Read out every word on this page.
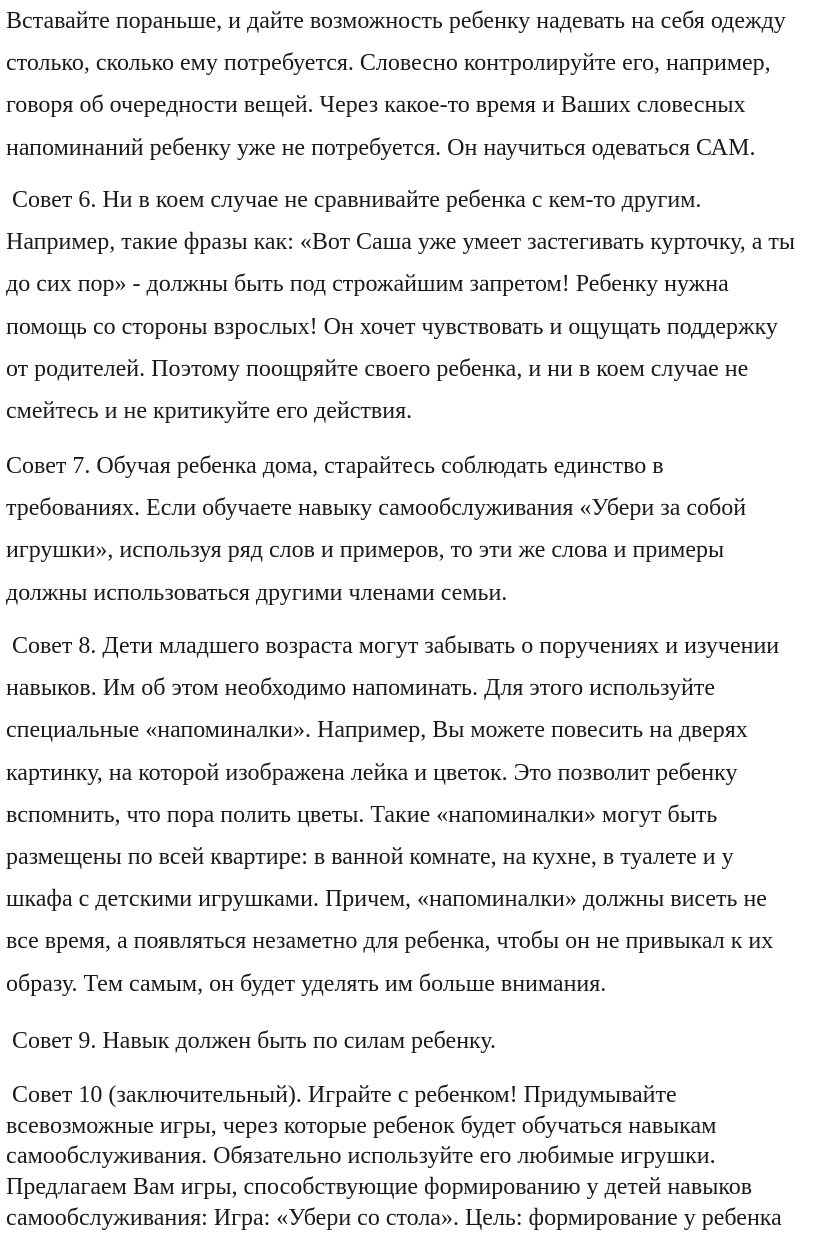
Вставайте пораньше, и дайте возможность ребенку надевать на себя одежду
столько, сколько ему потребуется. Словесно контролируйте его, например,
говоря об очередности вещей. Через какое-то время и Ваших словесных
напоминаний ребенку уже не потребуется. Он научиться одеваться САМ.
Совет 6. Ни в коем случае не сравнивайте ребенка с кем-то другим.
Например, такие фразы как: «Вот Саша уже умеет застегивать курточку, а ты
до сих пор» - должны быть под строжайшим запретом! Ребенку нужна
помощь со стороны взрослых! Он хочет чувствовать и ощущать поддержку
от родителей. Поэтому поощряйте своего ребенка, и ни в коем случае не
смейтесь и не критикуйте его действия.
Совет 7. Обучая ребенка дома, старайтесь соблюдать единство в
требованиях. Если обучаете навыку самообслуживания «Убери за собой
игрушки», используя ряд слов и примеров, то эти же слова и примеры
должны использоваться другими членами семьи.
Совет 8. Дети младшего возраста могут забывать о поручениях и изучении
навыков. Им об этом необходимо напоминать. Для этого используйте
специальные «напоминалки». Например, Вы можете повесить на дверях
картинку, на которой изображена лейка и цветок. Это позволит ребенку
вспомнить, что пора полить цветы. Такие «напоминалки» могут быть
размещены по всей квартире: в ванной комнате, на кухне, в туалете и у
шкафа с детскими игрушками. Причем, «напоминалки» должны висеть не
все время, а появляться незаметно для ребенка, чтобы он не привыкал к их
образу. Тем самым, он будет уделять им больше внимания.
Совет 9. Навык должен быть по силам ребенку.
Совет 10 (заключительный). Играйте с ребенком! Придумывайте
всевозможные игры, через которые ребенок будет обучаться навыкам
самообслуживания. Обязательно используйте его любимые игрушки.
Предлагаем Вам игры, способствующие формированию у детей навыков
самообслуживания: Игра: «Убери со стола». Цель: формирование у ребенка
